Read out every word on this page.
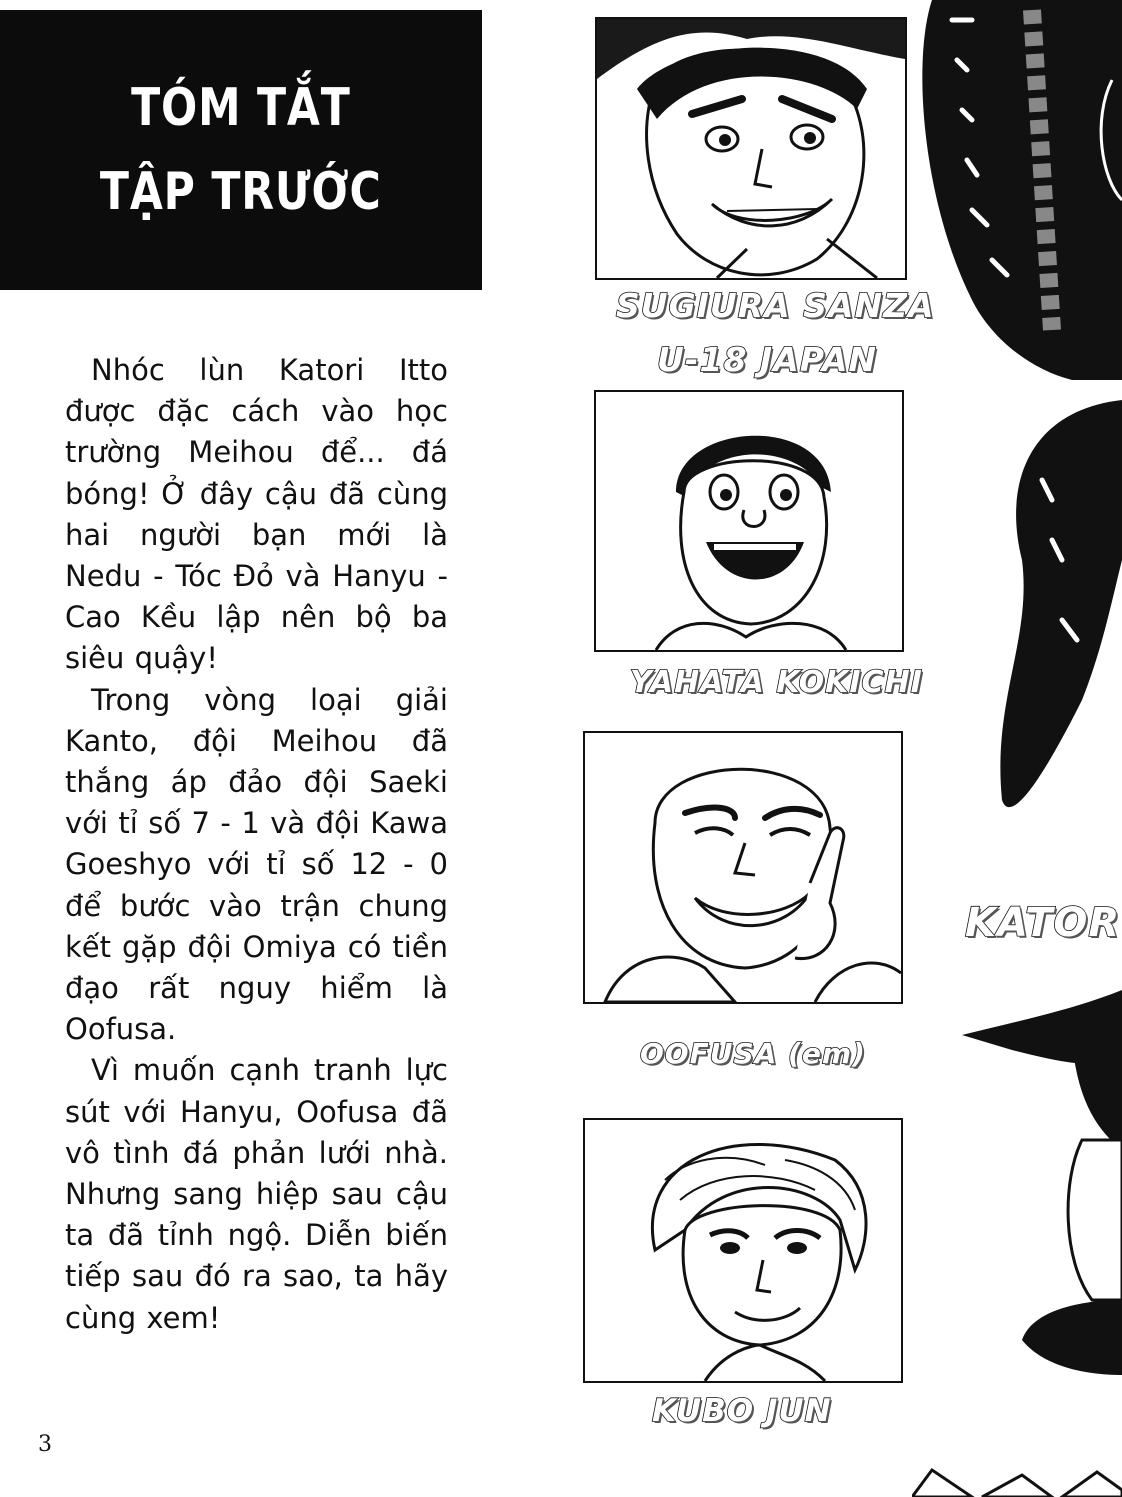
TÓM TẮT
TẬP TRƯỚC

Nhóc lùn Katori Itto được đặc cách vào học trường Meihou để... đá bóng! Ở đây cậu đã cùng hai người bạn mới là Nedu - Tóc Đỏ và Hanyu - Cao Kều lập nên bộ ba siêu quậy!

Trong vòng loại giải Kanto, đội Meihou đã thắng áp đảo đội Saeki với tỉ số 7 - 1 và đội Kawa Goeshyo với tỉ số 12 - 0 để bước vào trận chung kết gặp đội Omiya có tiền đạo rất nguy hiểm là Oofusa.

Vì muốn cạnh tranh lực sút với Hanyu, Oofusa đã vô tình đá phản lưới nhà. Nhưng sang hiệp sau cậu ta đã tỉnh ngộ. Diễn biến tiếp sau đó ra sao, ta hãy cùng xem!

3
SUGIURA SANZA
U-18 JAPAN
YAHATA KOKICHI
OOFUSA (em)
KUBO JUN
KATOR
